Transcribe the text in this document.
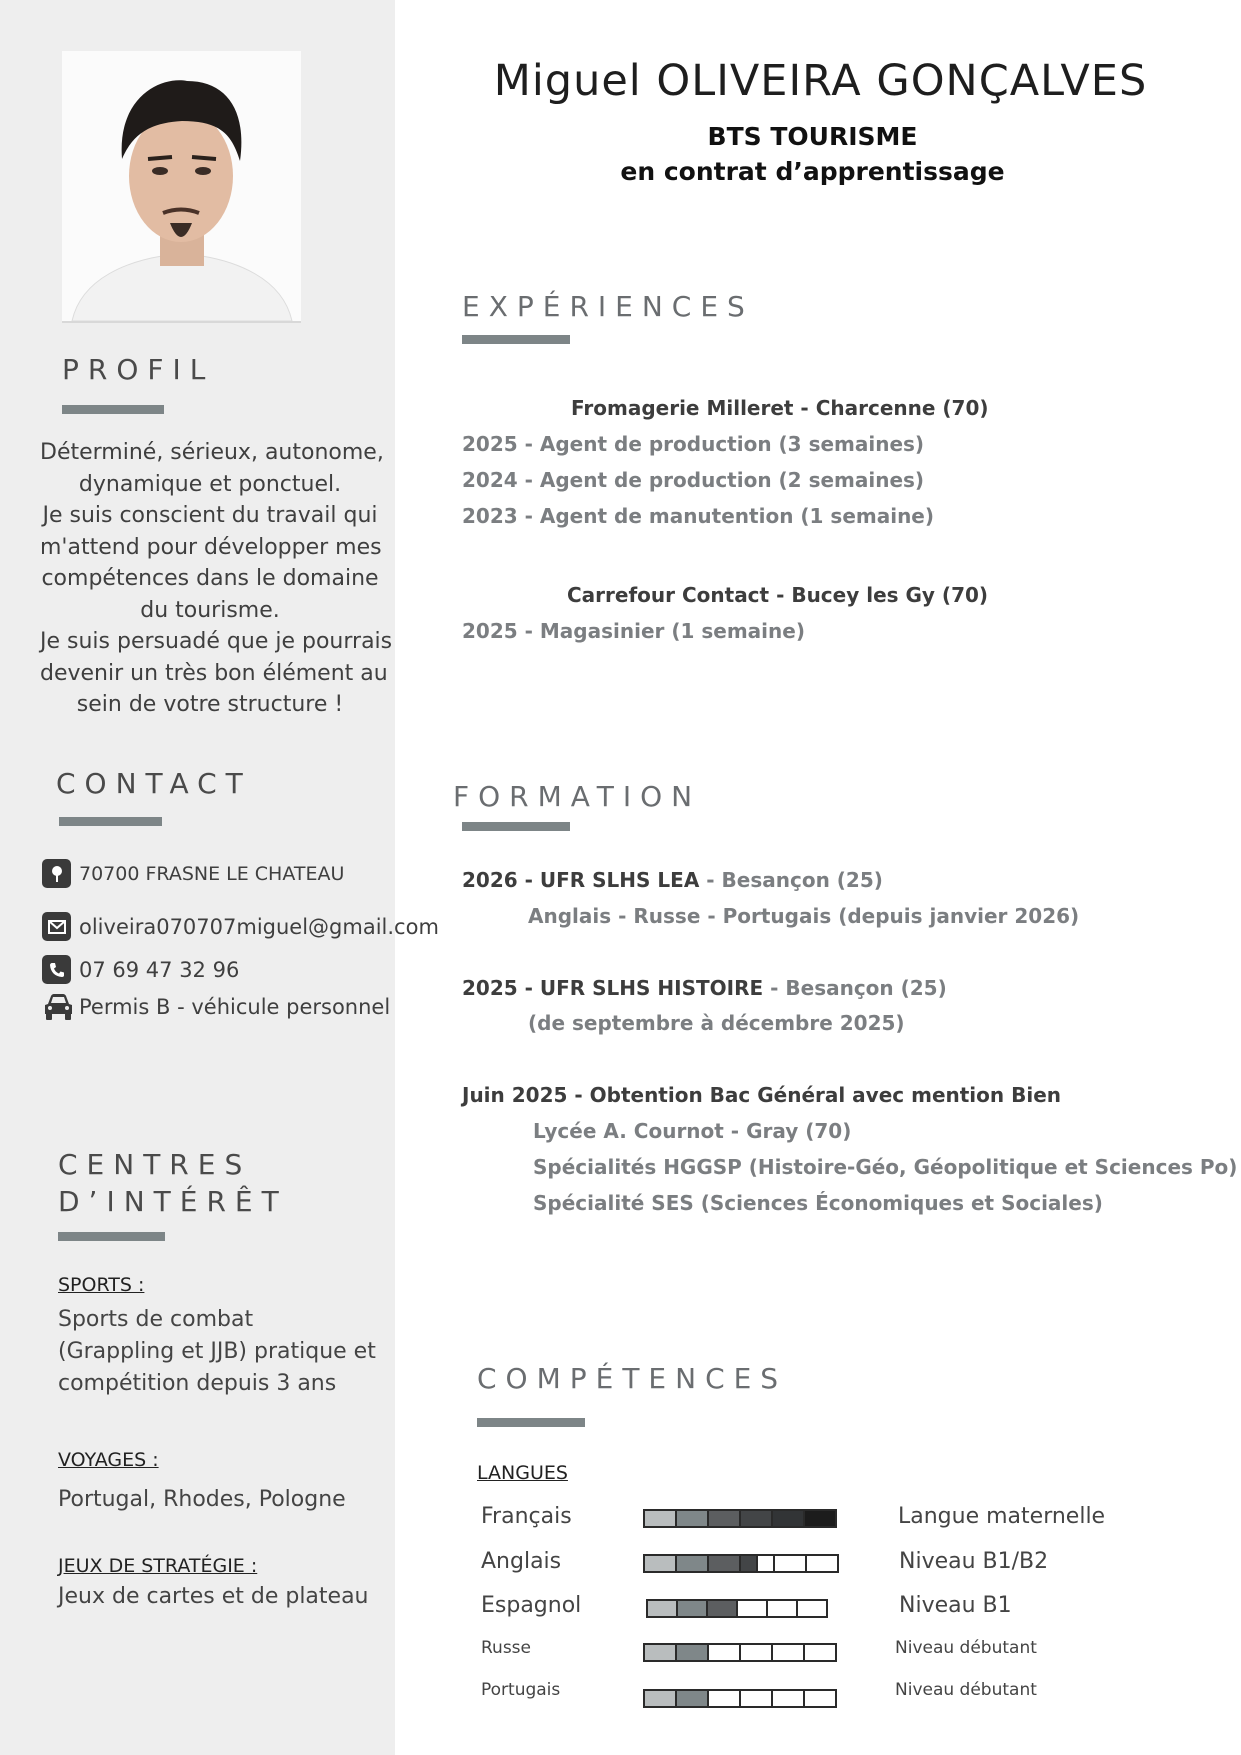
PROFIL
Déterminé, sérieux, autonome,
dynamique et ponctuel.
Je suis conscient du travail qui
m'attend pour développer mes
compétences dans le domaine
du tourisme.
Je suis persuadé que je pourrais
devenir un très bon élément au
sein de votre structure !
CONTACT
70700 FRASNE LE CHATEAU
oliveira070707miguel@gmail.com
07 69 47 32 96
Permis B - véhicule personnel
CENTRES
D’INTÉRÊT
SPORTS :
Sports de combat
(Grappling et JJB) pratique et
compétition depuis 3 ans
VOYAGES :
Portugal, Rhodes, Pologne
JEUX DE STRATÉGIE :
Jeux de cartes et de plateau
Miguel OLIVEIRA GONÇALVES
BTS TOURISME
en contrat d’apprentissage
EXPÉRIENCES
Fromagerie Milleret - Charcenne (70)
2025 - Agent de production (3 semaines)
2024 - Agent de production (2 semaines)
2023 - Agent de manutention (1 semaine)
Carrefour Contact - Bucey les Gy (70)
2025 - Magasinier (1 semaine)
FORMATION
2026 - UFR SLHS LEA - Besançon (25)
Anglais - Russe - Portugais (depuis janvier 2026)
2025 - UFR SLHS HISTOIRE - Besançon (25)
(de septembre à décembre 2025)
Juin 2025 - Obtention Bac Général avec mention Bien
Lycée A. Cournot - Gray (70)
Spécialités HGGSP (Histoire-Géo, Géopolitique et Sciences Po)
Spécialité SES (Sciences Économiques et Sociales)
COMPÉTENCES
LANGUES
Français	Langue maternelle
Anglais	Niveau B1/B2
Espagnol	Niveau B1
Russe	Niveau débutant
Portugais	Niveau débutant
